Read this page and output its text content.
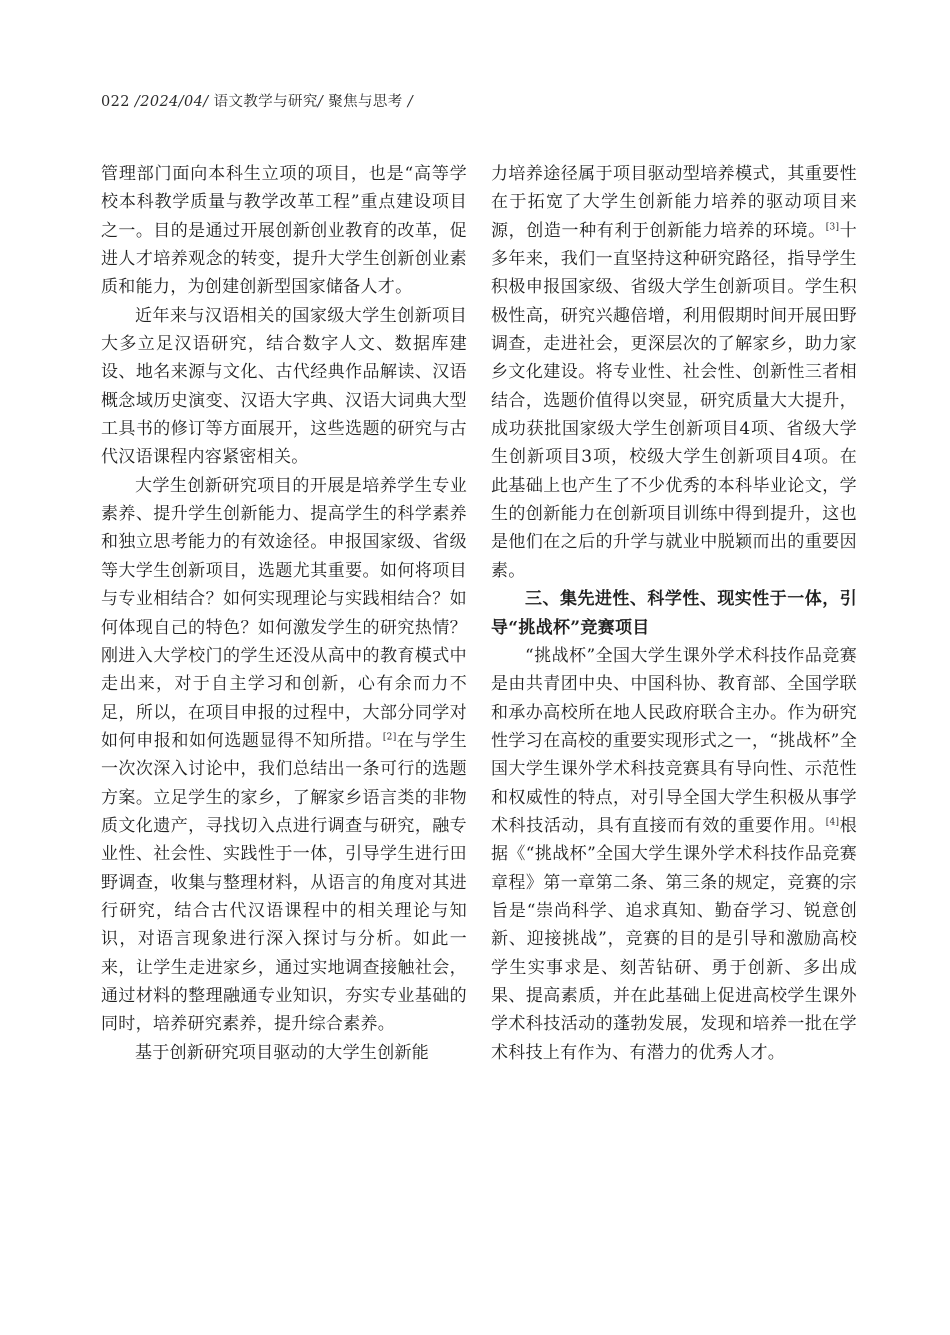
022 /2024/04/ 语文教学与研究/ 聚焦与思考 /

管理部门面向本科生立项的项目，也是“高等学校本科教学质量与教学改革工程”重点建设项目之一。目的是通过开展创新创业教育的改革，促进人才培养观念的转变，提升大学生创新创业素质和能力，为创建创新型国家储备人才。

近年来与汉语相关的国家级大学生创新项目大多立足汉语研究，结合数字人文、数据库建设、地名来源与文化、古代经典作品解读、汉语概念域历史演变、汉语大字典、汉语大词典大型工具书的修订等方面展开，这些选题的研究与古代汉语课程内容紧密相关。

大学生创新研究项目的开展是培养学生专业素养、提升学生创新能力、提高学生的科学素养和独立思考能力的有效途径。申报国家级、省级等大学生创新项目，选题尤其重要。如何将项目与专业相结合？如何实现理论与实践相结合？如何体现自己的特色？如何激发学生的研究热情？刚进入大学校门的学生还没从高中的教育模式中走出来，对于自主学习和创新，心有余而力不足，所以，在项目申报的过程中，大部分同学对如何申报和如何选题显得不知所措。[2]在与学生一次次深入讨论中，我们总结出一条可行的选题方案。立足学生的家乡，了解家乡语言类的非物质文化遗产，寻找切入点进行调查与研究，融专业性、社会性、实践性于一体，引导学生进行田野调查，收集与整理材料，从语言的角度对其进行研究，结合古代汉语课程中的相关理论与知识，对语言现象进行深入探讨与分析。如此一来，让学生走进家乡，通过实地调查接触社会，通过材料的整理融通专业知识，夯实专业基础的同时，培养研究素养，提升综合素养。

基于创新研究项目驱动的大学生创新能

力培养途径属于项目驱动型培养模式，其重要性在于拓宽了大学生创新能力培养的驱动项目来源，创造一种有利于创新能力培养的环境。[3]十多年来，我们一直坚持这种研究路径，指导学生积极申报国家级、省级大学生创新项目。学生积极性高，研究兴趣倍增，利用假期时间开展田野调查，走进社会，更深层次的了解家乡，助力家乡文化建设。将专业性、社会性、创新性三者相结合，选题价值得以突显，研究质量大大提升，成功获批国家级大学生创新项目4项、省级大学生创新项目3项，校级大学生创新项目4项。在此基础上也产生了不少优秀的本科毕业论文，学生的创新能力在创新项目训练中得到提升，这也是他们在之后的升学与就业中脱颖而出的重要因素。

三、集先进性、科学性、现实性于一体，引导“挑战杯”竞赛项目

“挑战杯”全国大学生课外学术科技作品竞赛是由共青团中央、中国科协、教育部、全国学联和承办高校所在地人民政府联合主办。作为研究性学习在高校的重要实现形式之一，“挑战杯”全国大学生课外学术科技竞赛具有导向性、示范性和权威性的特点，对引导全国大学生积极从事学术科技活动，具有直接而有效的重要作用。[4]根据《“挑战杯”全国大学生课外学术科技作品竞赛章程》第一章第二条、第三条的规定，竞赛的宗旨是“崇尚科学、追求真知、勤奋学习、锐意创新、迎接挑战”，竞赛的目的是引导和激励高校学生实事求是、刻苦钻研、勇于创新、多出成果、提高素质，并在此基础上促进高校学生课外学术科技活动的蓬勃发展，发现和培养一批在学术科技上有作为、有潜力的优秀人才。
